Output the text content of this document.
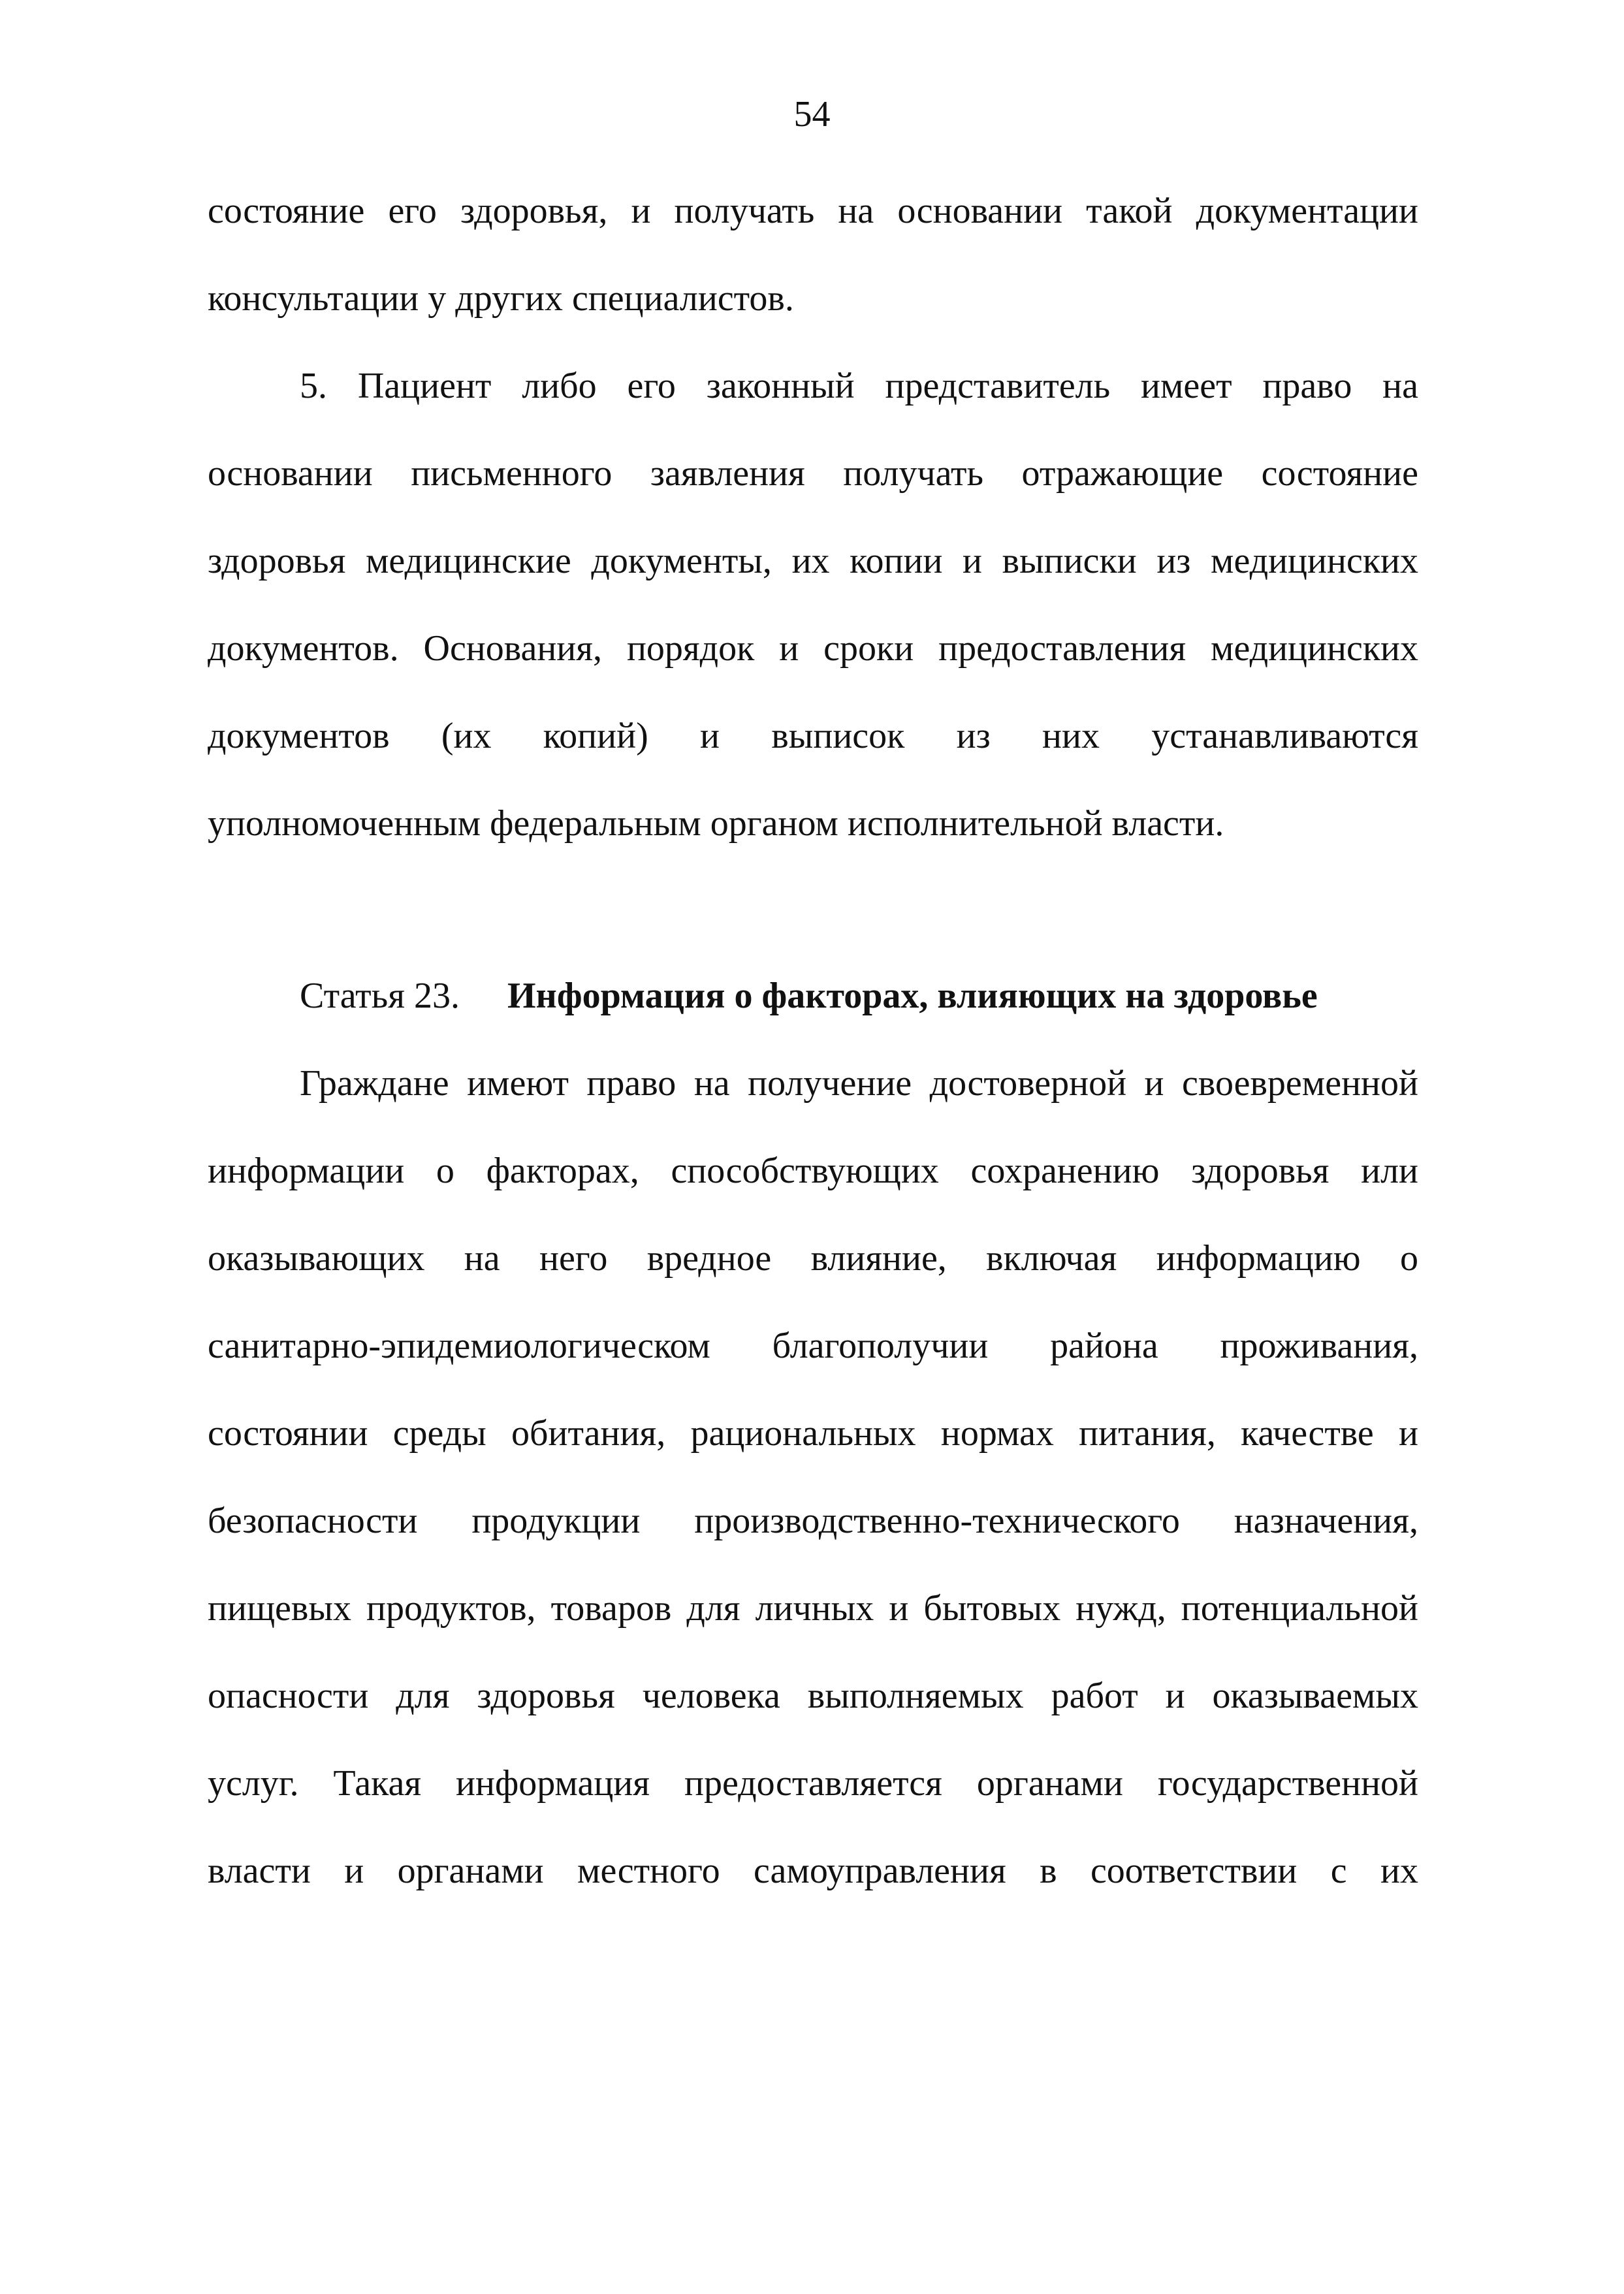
54
состояние его здоровья, и получать на основании такой документации
консультации у других специалистов.
5. Пациент либо его законный представитель имеет право на
основании письменного заявления получать отражающие состояние
здоровья медицинские документы, их копии и выписки из медицинских
документов. Основания, порядок и сроки предоставления медицинских
документов (их копий) и выписок из них устанавливаются
уполномоченным федеральным органом исполнительной власти.
Статья 23. Информация о факторах, влияющих на здоровье
Граждане имеют право на получение достоверной и своевременной
информации о факторах, способствующих сохранению здоровья или
оказывающих на него вредное влияние, включая информацию о
санитарно-эпидемиологическом благополучии района проживания,
состоянии среды обитания, рациональных нормах питания, качестве и
безопасности продукции производственно-технического назначения,
пищевых продуктов, товаров для личных и бытовых нужд, потенциальной
опасности для здоровья человека выполняемых работ и оказываемых
услуг. Такая информация предоставляется органами государственной
власти и органами местного самоуправления в соответствии с их
